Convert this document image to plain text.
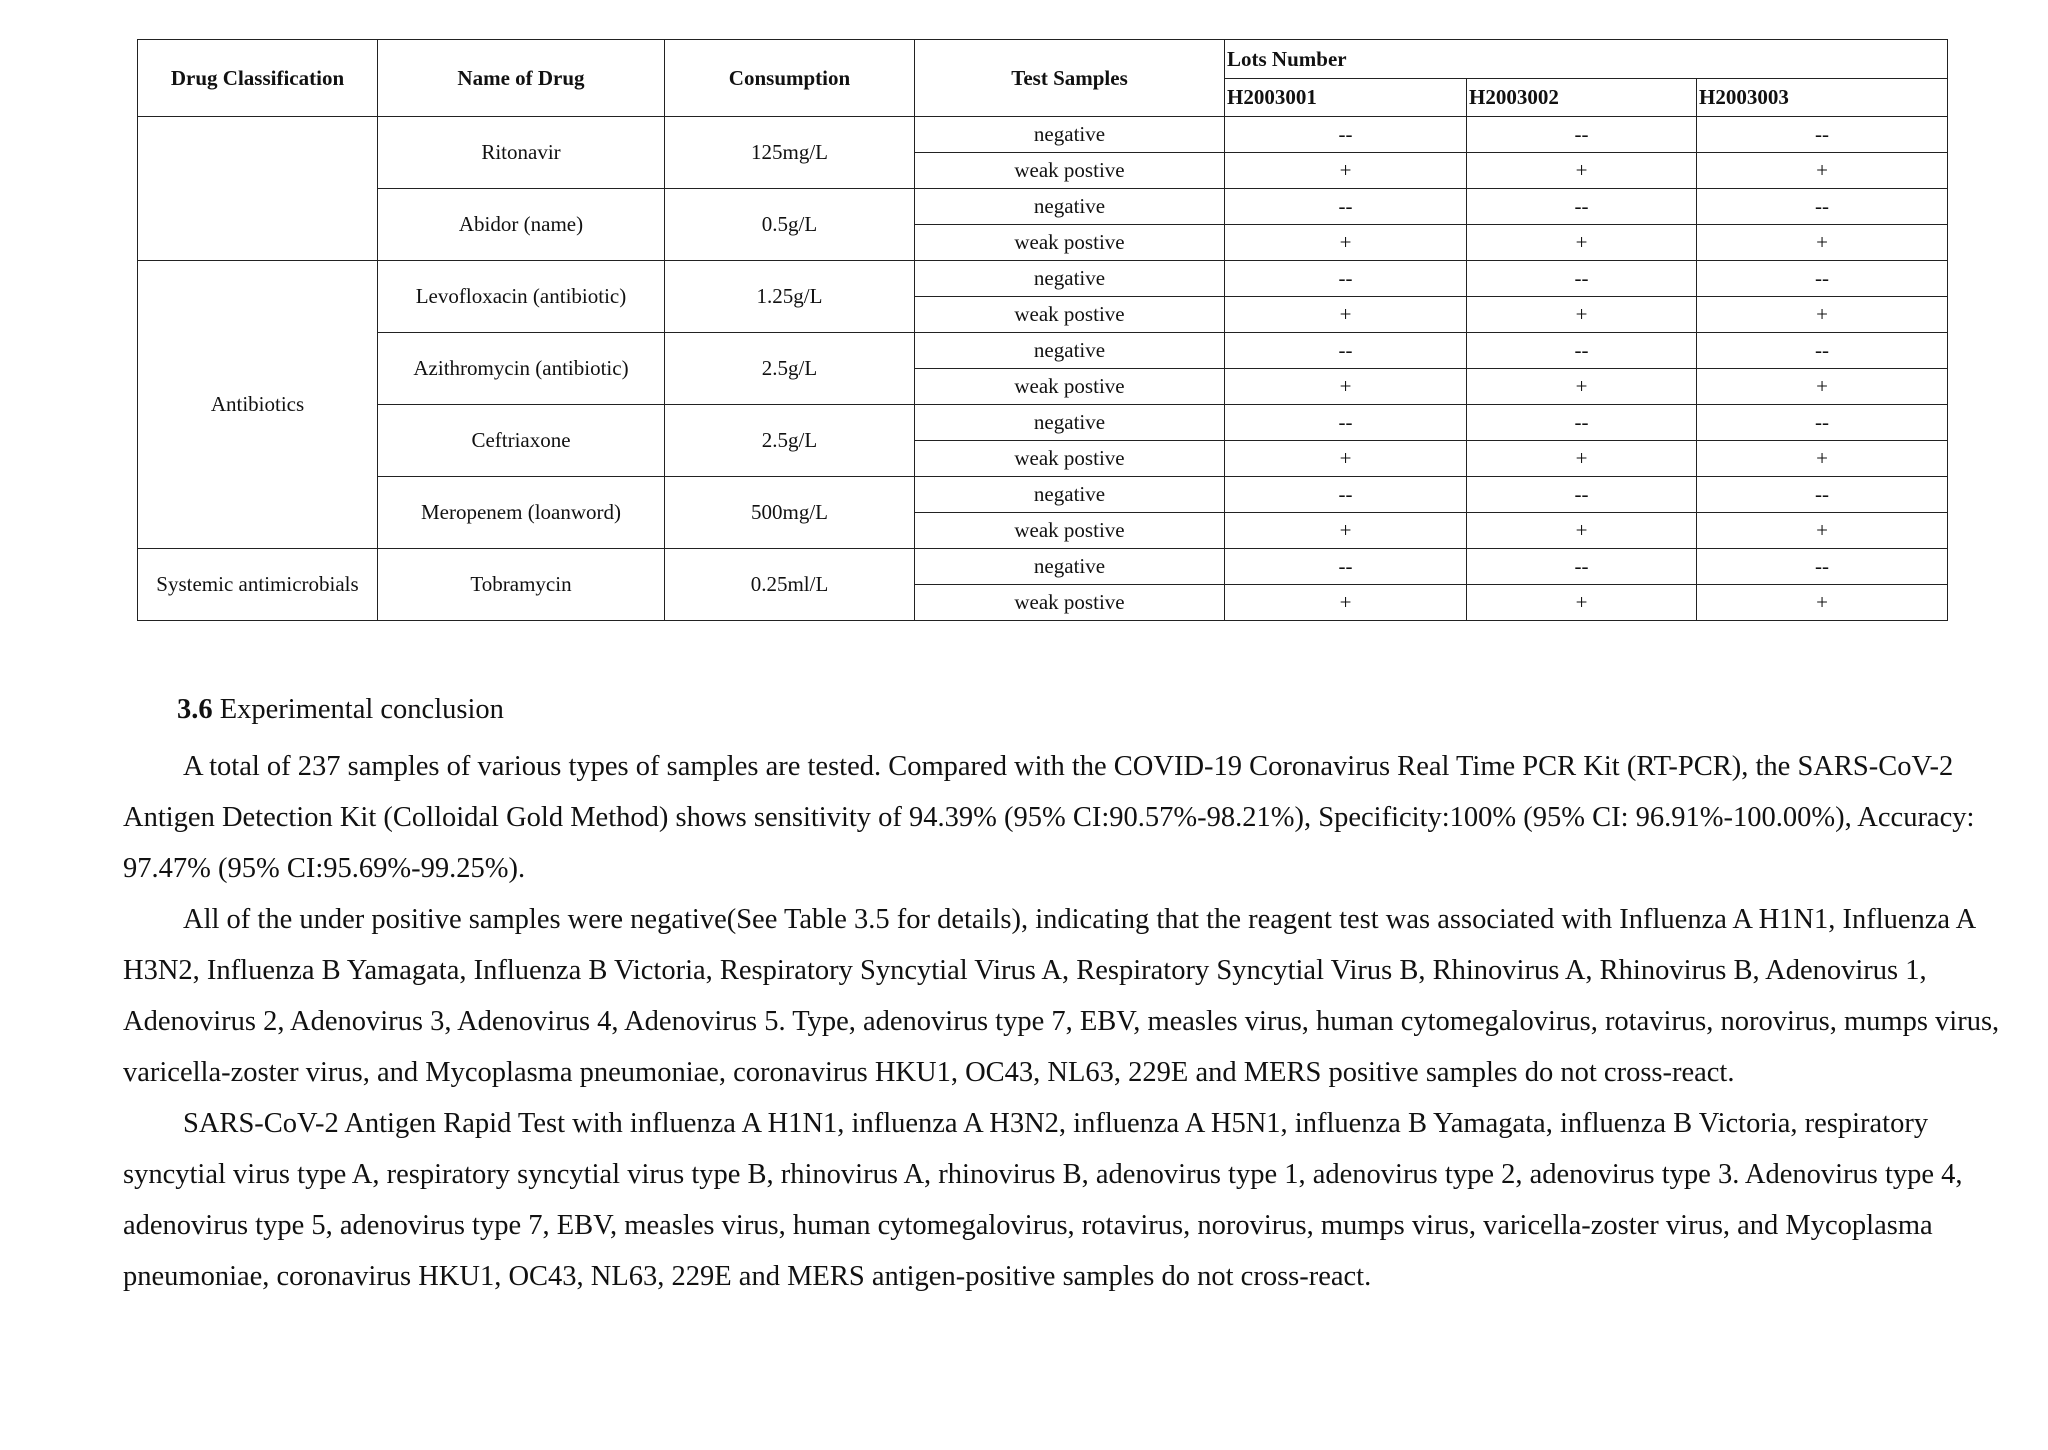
Drug Classification	Name of Drug	Consumption	Test Samples	Lots Number		
				H2003001	H2003002	H2003003
	Ritonavir	125mg/L	negative	--	--	--
			weak postive	+	+	+
	Abidor (name)	0.5g/L	negative	--	--	--
			weak postive	+	+	+
Antibiotics	Levofloxacin (antibiotic)	1.25g/L	negative	--	--	--
			weak postive	+	+	+
	Azithromycin (antibiotic)	2.5g/L	negative	--	--	--
			weak postive	+	+	+
	Ceftriaxone	2.5g/L	negative	--	--	--
			weak postive	+	+	+
	Meropenem (loanword)	500mg/L	negative	--	--	--
			weak postive	+	+	+
Systemic antimicrobials	Tobramycin	0.25ml/L	negative	--	--	--
			weak postive	+	+	+
3.6 Experimental conclusion

A total of 237 samples of various types of samples are tested. Compared with the COVID-19 Coronavirus Real Time PCR Kit (RT-PCR), the SARS-CoV-2 Antigen Detection Kit (Colloidal Gold Method) shows sensitivity of 94.39% (95% CI:90.57%-98.21%), Specificity:100% (95% CI: 96.91%-100.00%), Accuracy: 97.47% (95% CI:95.69%-99.25%).

All of the under positive samples were negative(See Table 3.5 for details), indicating that the reagent test was associated with Influenza A H1N1, Influenza A H3N2, Influenza B Yamagata, Influenza B Victoria, Respiratory Syncytial Virus A, Respiratory Syncytial Virus B, Rhinovirus A, Rhinovirus B, Adenovirus 1, Adenovirus 2, Adenovirus 3, Adenovirus 4, Adenovirus 5. Type, adenovirus type 7, EBV, measles virus, human cytomegalovirus, rotavirus, norovirus, mumps virus, varicella-zoster virus, and Mycoplasma pneumoniae, coronavirus HKU1, OC43, NL63, 229E and MERS positive samples do not cross-react.

SARS-CoV-2 Antigen Rapid Test with influenza A H1N1, influenza A H3N2, influenza A H5N1, influenza B Yamagata, influenza B Victoria, respiratory syncytial virus type A, respiratory syncytial virus type B, rhinovirus A, rhinovirus B, adenovirus type 1, adenovirus type 2, adenovirus type 3. Adenovirus type 4, adenovirus type 5, adenovirus type 7, EBV, measles virus, human cytomegalovirus, rotavirus, norovirus, mumps virus, varicella-zoster virus, and Mycoplasma pneumoniae, coronavirus HKU1, OC43, NL63, 229E and MERS antigen-positive samples do not cross-react.
